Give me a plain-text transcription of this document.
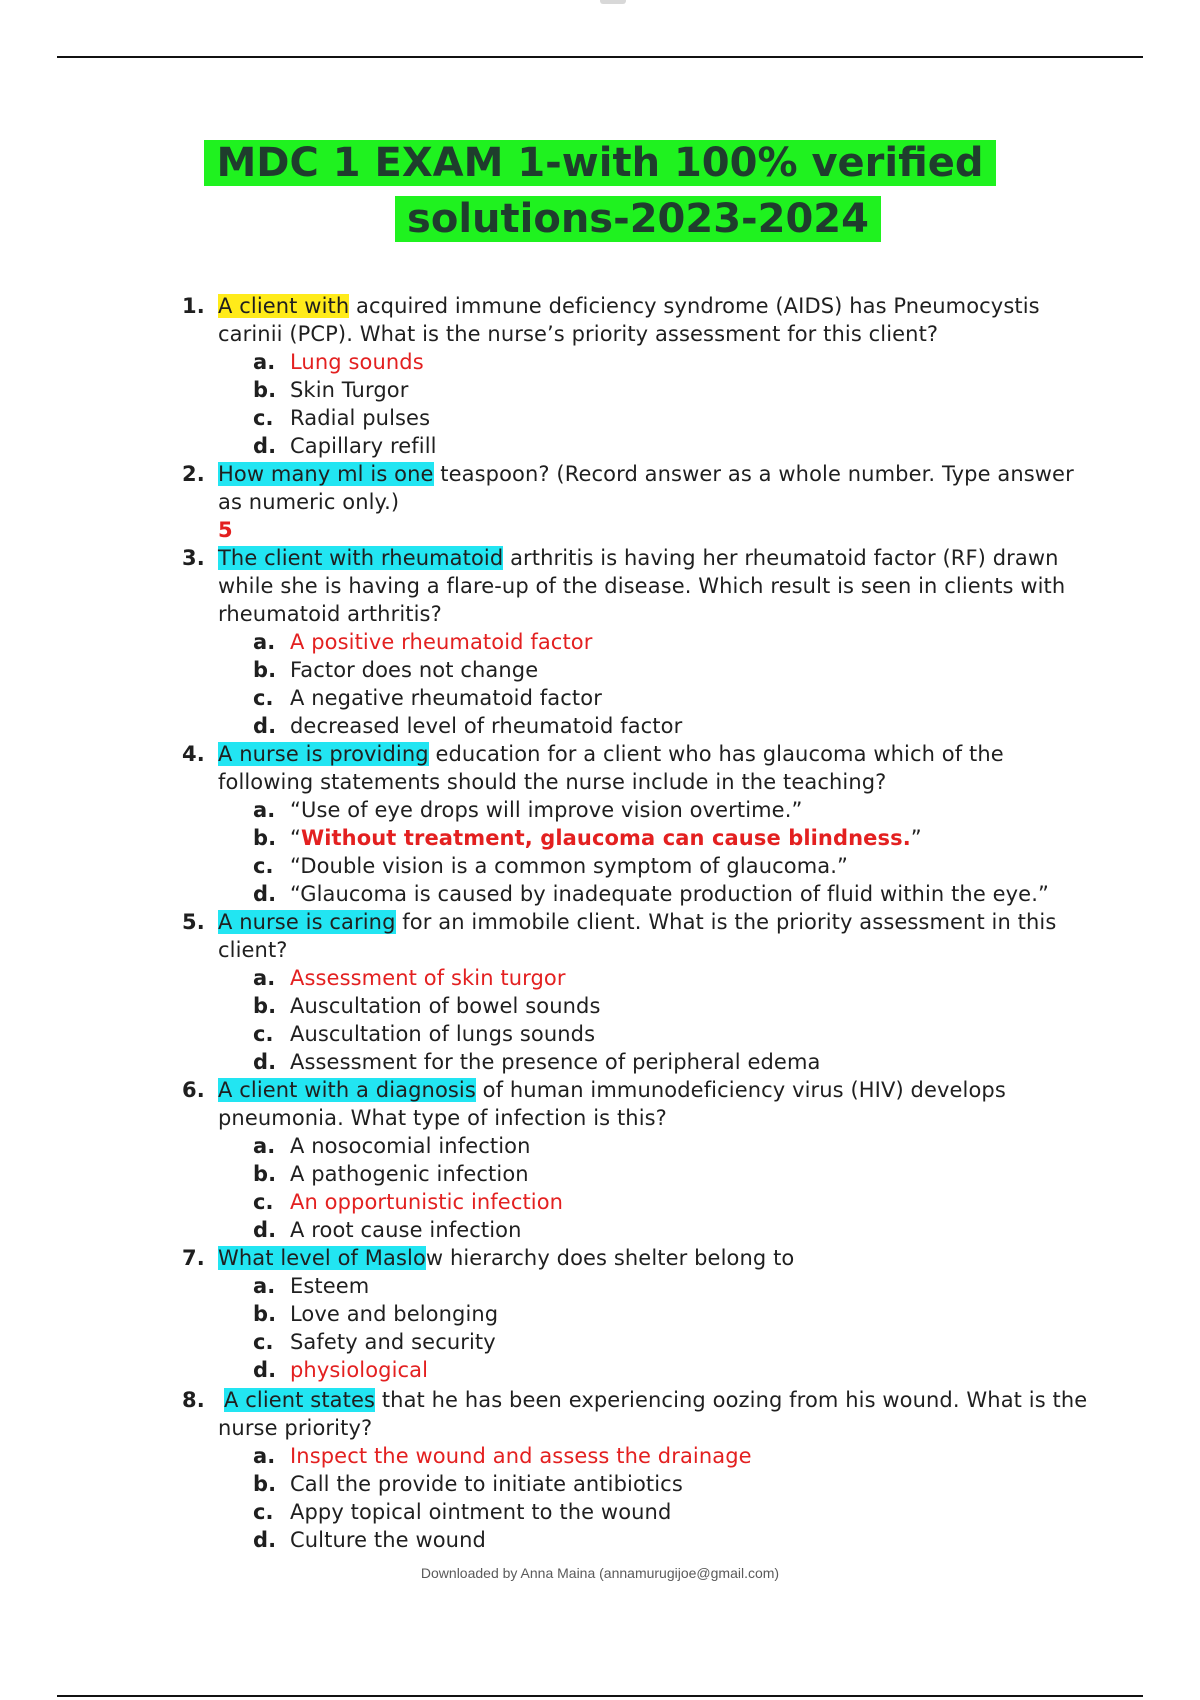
MDC 1 EXAM 1-with 100% verified
solutions-2023-2024
1. A client with acquired immune deficiency syndrome (AIDS) has Pneumocystis carinii (PCP). What is the nurse’s priority assessment for this client?
a. Lung sounds
b. Skin Turgor
c. Radial pulses
d. Capillary refill
2. How many ml is one teaspoon? (Record answer as a whole number. Type answer as numeric only.)
5
3. The client with rheumatoid arthritis is having her rheumatoid factor (RF) drawn while she is having a flare-up of the disease. Which result is seen in clients with rheumatoid arthritis?
a. A positive rheumatoid factor
b. Factor does not change
c. A negative rheumatoid factor
d. decreased level of rheumatoid factor
4. A nurse is providing education for a client who has glaucoma which of the following statements should the nurse include in the teaching?
a. “Use of eye drops will improve vision overtime.”
b. “Without treatment, glaucoma can cause blindness.”
c. “Double vision is a common symptom of glaucoma.”
d. “Glaucoma is caused by inadequate production of fluid within the eye.”
5. A nurse is caring for an immobile client. What is the priority assessment in this client?
a. Assessment of skin turgor
b. Auscultation of bowel sounds
c. Auscultation of lungs sounds
d. Assessment for the presence of peripheral edema
6. A client with a diagnosis of human immunodeficiency virus (HIV) develops pneumonia. What type of infection is this?
a. A nosocomial infection
b. A pathogenic infection
c. An opportunistic infection
d. A root cause infection
7. What level of Maslow hierarchy does shelter belong to
a. Esteem
b. Love and belonging
c. Safety and security
d. physiological
8. A client states that he has been experiencing oozing from his wound. What is the nurse priority?
a. Inspect the wound and assess the drainage
b. Call the provide to initiate antibiotics
c. Appy topical ointment to the wound
d. Culture the wound
Downloaded by Anna Maina (annamurugijoe@gmail.com)
